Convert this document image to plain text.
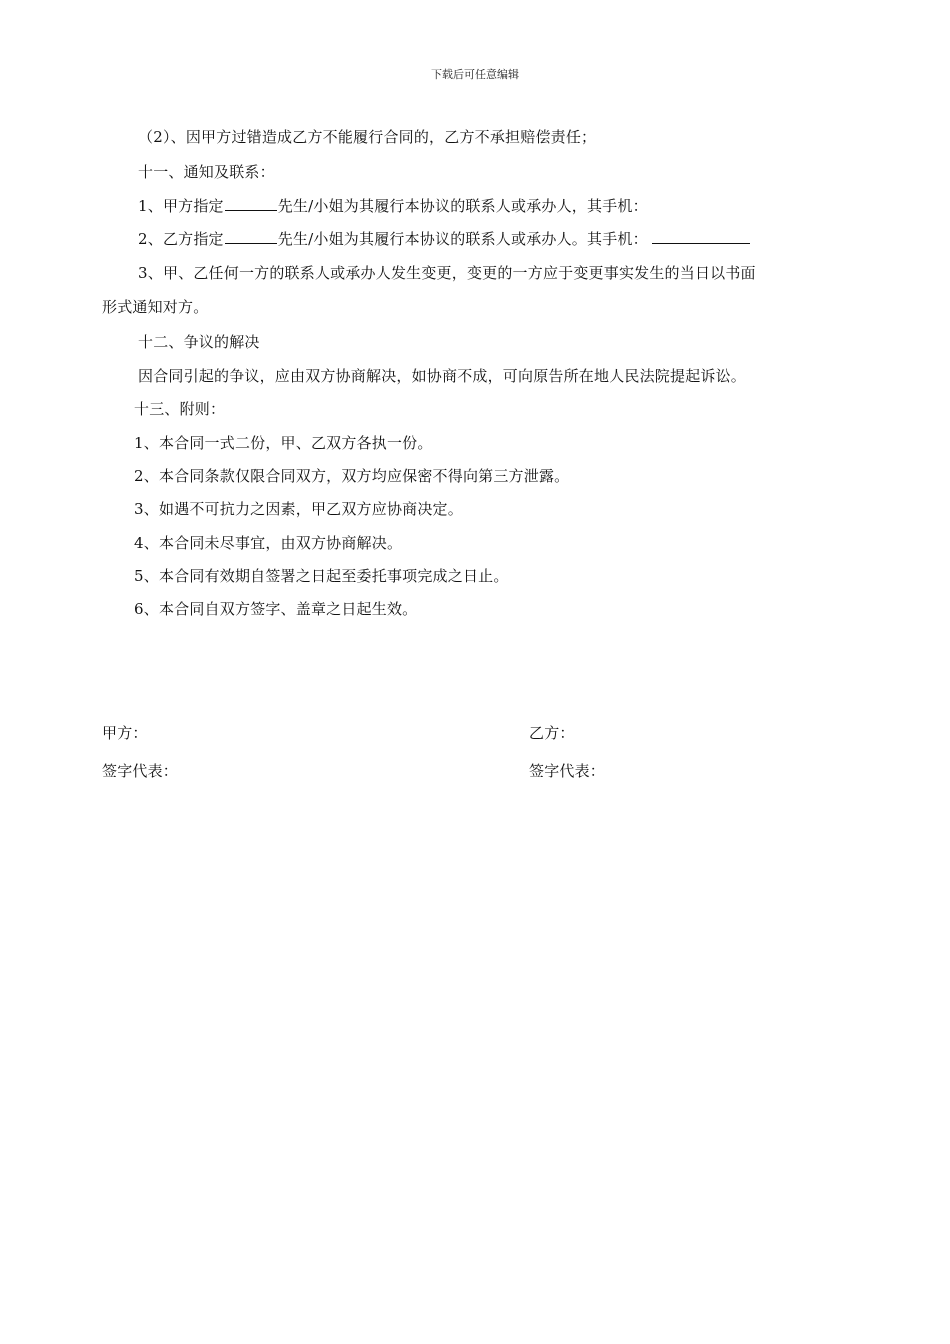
下载后可任意编辑
（2）、因甲方过错造成乙方不能履行合同的，乙方不承担赔偿责任；
十一、通知及联系：
1、甲方指定	先生/小姐为其履行本协议的联系人或承办人，其手机：
2、乙方指定	先生/小姐为其履行本协议的联系人或承办人。其手机：
3、甲、乙任何一方的联系人或承办人发生变更，变更的一方应于变更事实发生的当日以书面
形式通知对方。
十二、争议的解决
因合同引起的争议，应由双方协商解决，如协商不成，可向原告所在地人民法院提起诉讼。
十三、附则：
1、本合同一式二份，甲、乙双方各执一份。
2、本合同条款仅限合同双方，双方均应保密不得向第三方泄露。
3、如遇不可抗力之因素，甲乙双方应协商决定。
4、本合同未尽事宜，由双方协商解决。
5、本合同有效期自签署之日起至委托事项完成之日止。
6、本合同自双方签字、盖章之日起生效。
甲方：	乙方：
签字代表：	签字代表：
